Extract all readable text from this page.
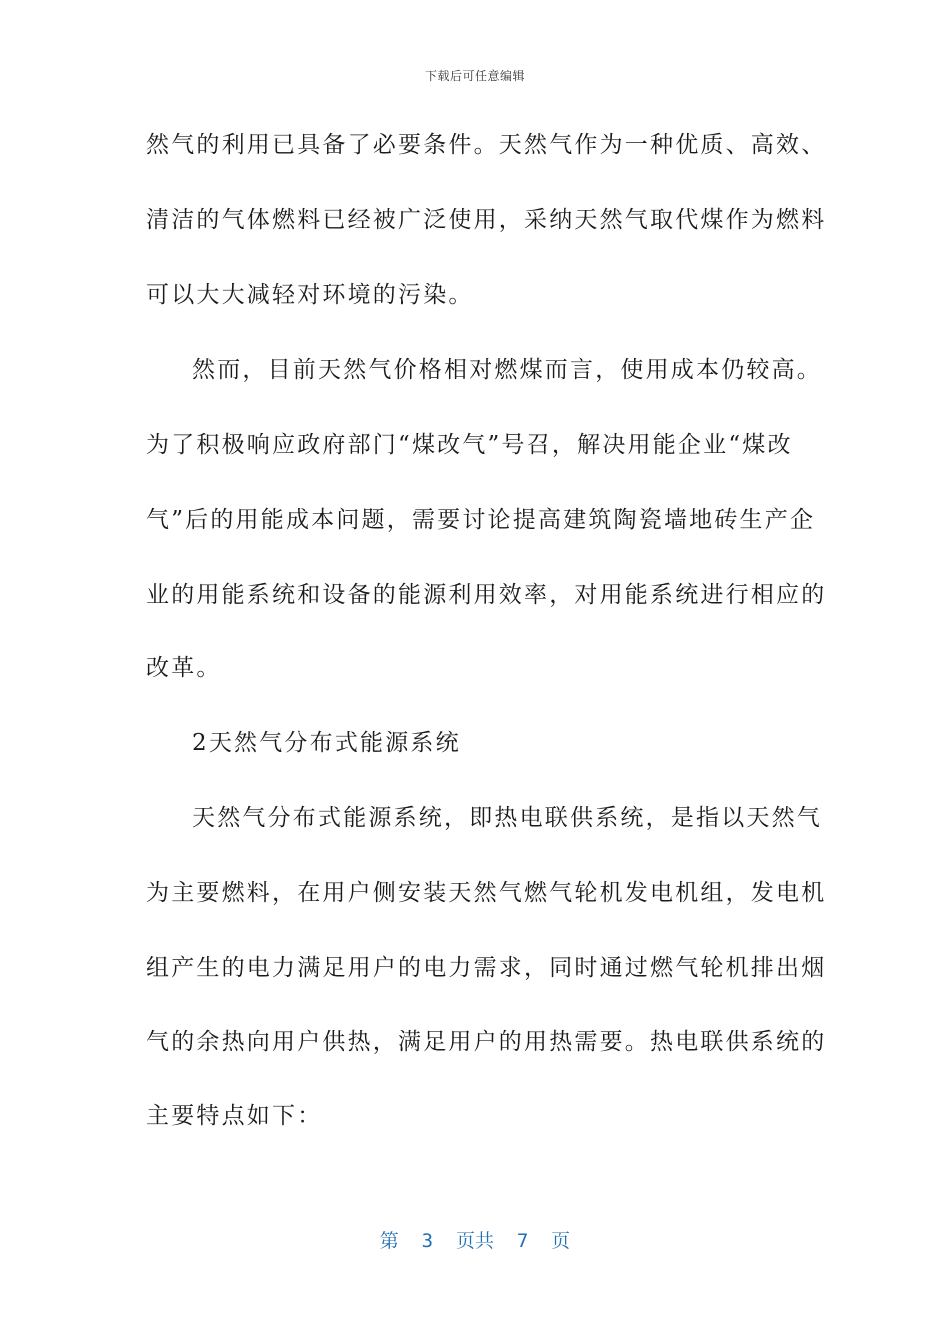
下载后可任意编辑
然气的利用已具备了必要条件。天然气作为一种优质、高效、
清洁的气体燃料已经被广泛使用，采纳天然气取代煤作为燃料
可以大大减轻对环境的污染。
然而，目前天然气价格相对燃煤而言，使用成本仍较高。
为了积极响应政府部门“煤改气”号召，解决用能企业“煤改
气”后的用能成本问题，需要讨论提高建筑陶瓷墙地砖生产企
业的用能系统和设备的能源利用效率，对用能系统进行相应的
改革。
2天然气分布式能源系统
天然气分布式能源系统，即热电联供系统，是指以天然气
为主要燃料，在用户侧安装天然气燃气轮机发电机组，发电机
组产生的电力满足用户的电力需求，同时通过燃气轮机排出烟
气的余热向用户供热，满足用户的用热需要。热电联供系统的
主要特点如下：
第  3  页共  7  页
